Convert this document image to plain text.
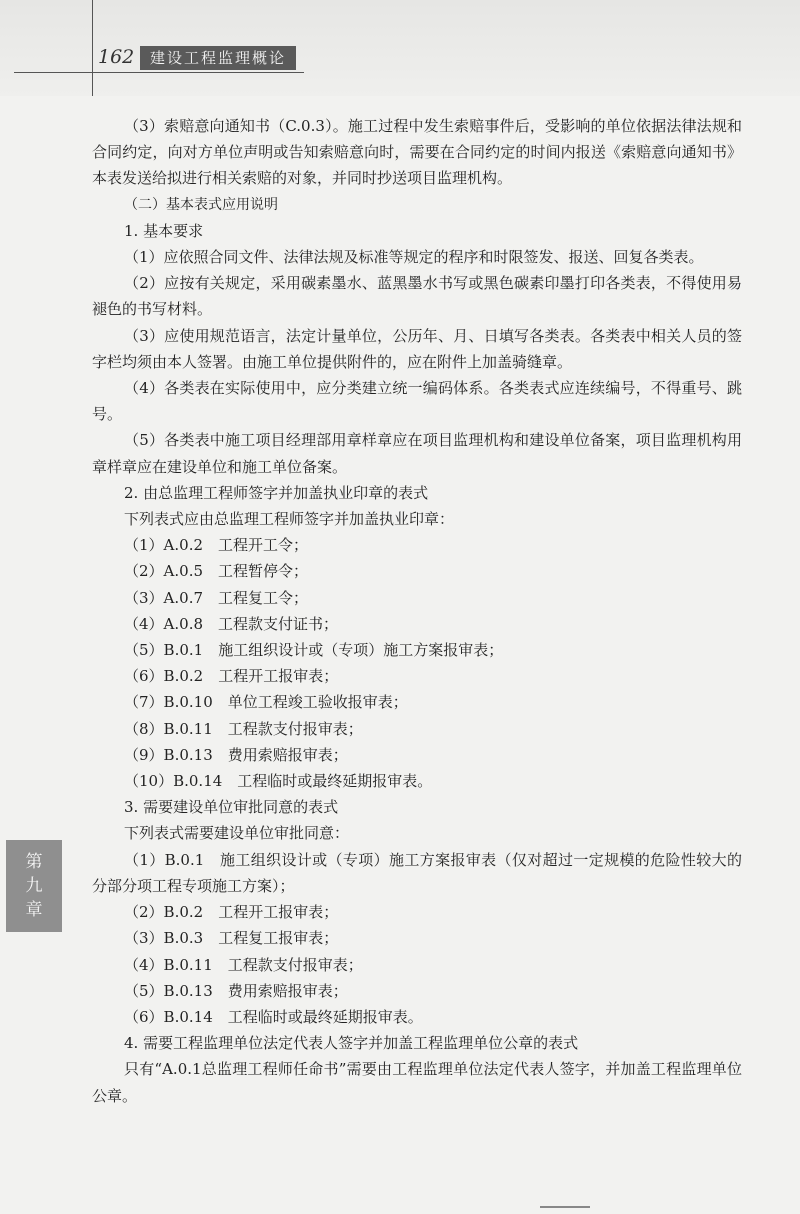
162	建设工程监理概论
第
九
章

（3）索赔意向通知书（C.0.3）。施工过程中发生索赔事件后，受影响的单位依据法律法规和合同约定，向对方单位声明或告知索赔意向时，需要在合同约定的时间内报送《索赔意向通知书》本表发送给拟进行相关索赔的对象，并同时抄送项目监理机构。

（二）基本表式应用说明

1. 基本要求

（1）应依照合同文件、法律法规及标准等规定的程序和时限签发、报送、回复各类表。

（2）应按有关规定，采用碳素墨水、蓝黑墨水书写或黑色碳素印墨打印各类表，不得使用易褪色的书写材料。

（3）应使用规范语言，法定计量单位，公历年、月、日填写各类表。各类表中相关人员的签字栏均须由本人签署。由施工单位提供附件的，应在附件上加盖骑缝章。

（4）各类表在实际使用中，应分类建立统一编码体系。各类表式应连续编号，不得重号、跳号。

（5）各类表中施工项目经理部用章样章应在项目监理机构和建设单位备案，项目监理机构用章样章应在建设单位和施工单位备案。

2. 由总监理工程师签字并加盖执业印章的表式

下列表式应由总监理工程师签字并加盖执业印章：

（1）A.0.2　工程开工令；

（2）A.0.5　工程暂停令；

（3）A.0.7　工程复工令；

（4）A.0.8　工程款支付证书；

（5）B.0.1　施工组织设计或（专项）施工方案报审表；

（6）B.0.2　工程开工报审表；

（7）B.0.10　单位工程竣工验收报审表；

（8）B.0.11　工程款支付报审表；

（9）B.0.13　费用索赔报审表；

（10）B.0.14　工程临时或最终延期报审表。

3. 需要建设单位审批同意的表式

下列表式需要建设单位审批同意：

（1）B.0.1　施工组织设计或（专项）施工方案报审表（仅对超过一定规模的危险性较大的分部分项工程专项施工方案）；

（2）B.0.2　工程开工报审表；

（3）B.0.3　工程复工报审表；

（4）B.0.11　工程款支付报审表；

（5）B.0.13　费用索赔报审表；

（6）B.0.14　工程临时或最终延期报审表。

4. 需要工程监理单位法定代表人签字并加盖工程监理单位公章的表式

只有“A.0.1总监理工程师任命书”需要由工程监理单位法定代表人签字，并加盖工程监理单位公章。
